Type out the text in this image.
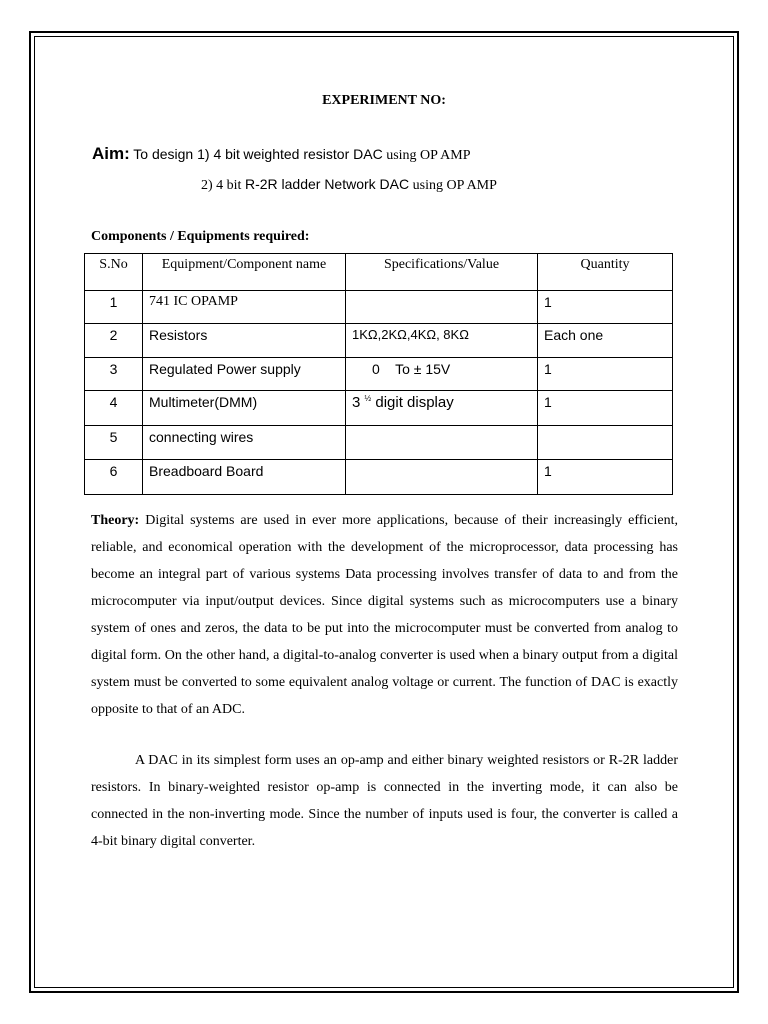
EXPERIMENT NO:
Aim: To design 1) 4 bit weighted resistor DAC using OP AMP
2) 4 bit R-2R ladder Network DAC using OP AMP
Components / Equipments required:
S.No	Equipment/Component name	Specifications/Value	Quantity
1	741 IC OPAMP		1
2	Resistors	1KΩ,2KΩ,4KΩ, 8KΩ	Each one
3	Regulated Power supply	0    To ± 15V	1
4	Multimeter(DMM)	3 $^{\frac{1}{2}}$ digit display	1
5	connecting wires		
6	Breadboard Board		1

Theory: Digital systems are used in ever more applications, because of their increasingly efficient, reliable, and economical operation with the development of the microprocessor, data processing has become an integral part of various systems Data processing involves transfer of data to and from the microcomputer via input/output devices. Since digital systems such as microcomputers use a binary system of ones and zeros, the data to be put into the microcomputer must be converted from analog to digital form. On the other hand, a digital-to-analog converter is used when a binary output from a digital system must be converted to some equivalent analog voltage or current. The function of DAC is exactly opposite to that of an ADC.

A DAC in its simplest form uses an op-amp and either binary weighted resistors or R-2R ladder resistors. In binary-weighted resistor op-amp is connected in the inverting mode, it can also be connected in the non-inverting mode. Since the number of inputs used is four, the converter is called a 4-bit binary digital converter.
